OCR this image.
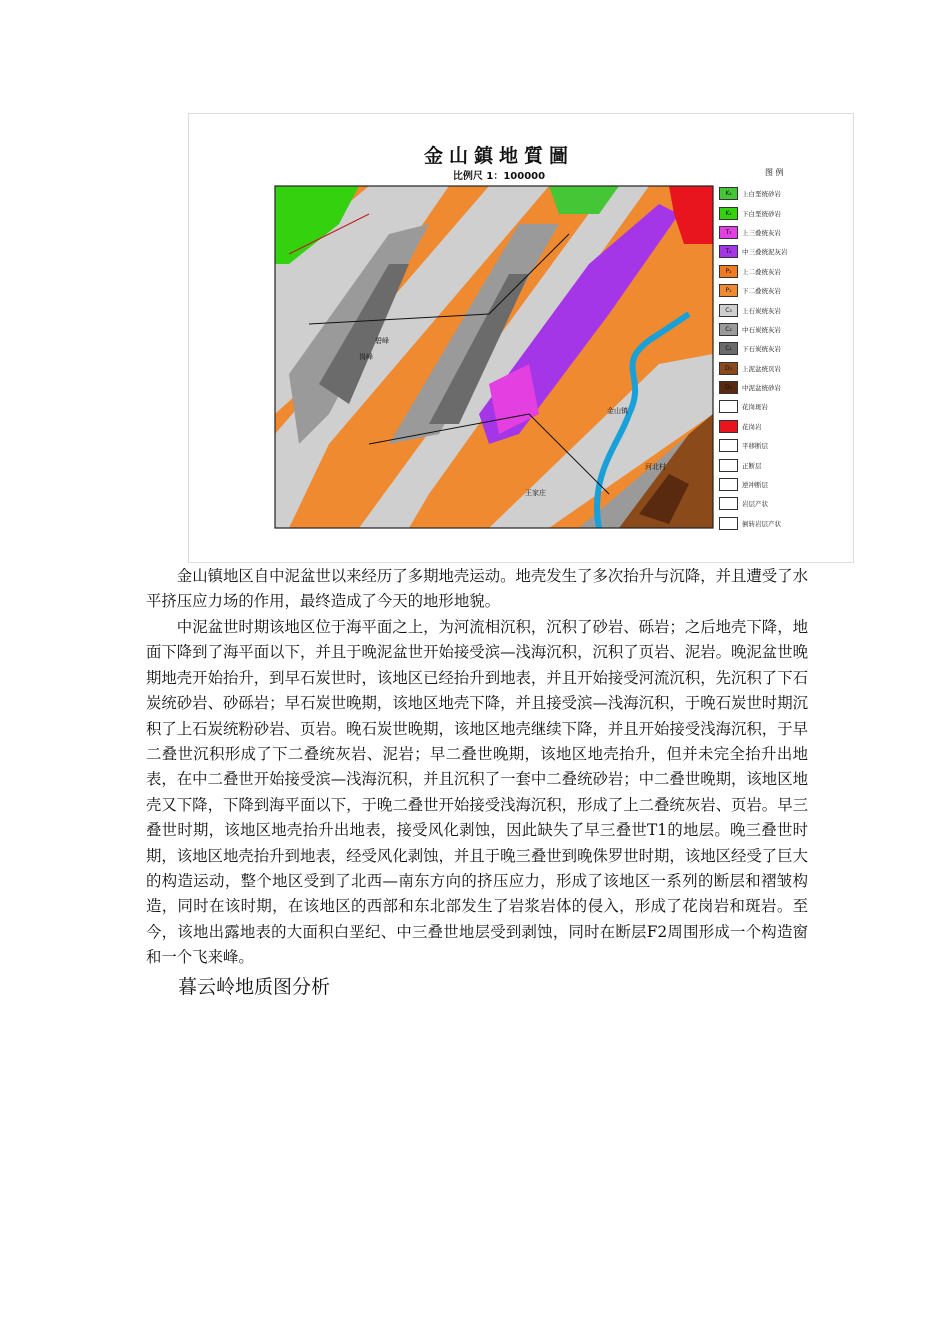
金山鎮地質圖
比例尺 1：100000	图 例
金山镇
河北村
王家庄
碧峰
岗峰
K₂	上白垩统砂岩
K₁	下白垩统砂岩
T₃	上三叠统灰岩
T₂	中三叠统泥灰岩
P₂	上二叠统灰岩
P₁	下二叠统灰岩
C₃	上石炭统灰岩
C₂	中石炭统灰岩
C₁	下石炭统灰岩
D₃	上泥盆统页岩
D₂	中泥盆统砂岩
花岗斑岩
花岗岩
平移断层
正断层
逆冲断层
岩层产状
倒转岩层产状

金山镇地区自中泥盆世以来经历了多期地壳运动。地壳发生了多次抬升与沉降，并且遭受了水平挤压应力场的作用，最终造成了今天的地形地貌。

中泥盆世时期该地区位于海平面之上，为河流相沉积，沉积了砂岩、砾岩；之后地壳下降，地面下降到了海平面以下，并且于晚泥盆世开始接受滨—浅海沉积，沉积了页岩、泥岩。晚泥盆世晚期地壳开始抬升，到早石炭世时，该地区已经抬升到地表，并且开始接受河流沉积，先沉积了下石炭统砂岩、砂砾岩；早石炭世晚期，该地区地壳下降，并且接受滨—浅海沉积，于晚石炭世时期沉积了上石炭统粉砂岩、页岩。晚石炭世晚期，该地区地壳继续下降，并且开始接受浅海沉积，于早二叠世沉积形成了下二叠统灰岩、泥岩；早二叠世晚期，该地区地壳抬升，但并未完全抬升出地表，在中二叠世开始接受滨—浅海沉积，并且沉积了一套中二叠统砂岩；中二叠世晚期，该地区地壳又下降，下降到海平面以下，于晚二叠世开始接受浅海沉积，形成了上二叠统灰岩、页岩。早三叠世时期，该地区地壳抬升出地表，接受风化剥蚀，因此缺失了早三叠世T1的地层。晚三叠世时期，该地区地壳抬升到地表，经受风化剥蚀，并且于晚三叠世到晚侏罗世时期，该地区经受了巨大的构造运动，整个地区受到了北西—南东方向的挤压应力，形成了该地区一系列的断层和褶皱构造，同时在该时期，在该地区的西部和东北部发生了岩浆岩体的侵入，形成了花岗岩和斑岩。至今，该地出露地表的大面积白垩纪、中三叠世地层受到剥蚀，同时在断层F2周围形成一个构造窗和一个飞来峰。

暮云岭地质图分析
